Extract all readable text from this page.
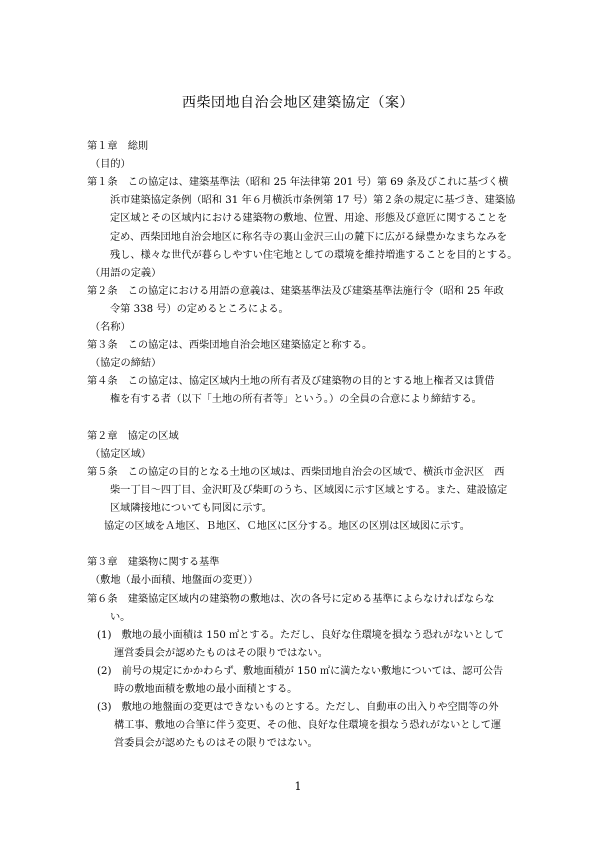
西柴団地自治会地区建築協定（案）
第１章　総則
（目的）
第１条　この協定は、建築基準法（昭和 25 年法律第 201 号）第 69 条及びこれに基づく横
浜市建築協定条例（昭和 31 年６月横浜市条例第 17 号）第２条の規定に基づき、建築協
定区域とその区域内における建築物の敷地、位置、用途、形態及び意匠に関することを
定め、西柴団地自治会地区に称名寺の裏山金沢三山の麓下に広がる緑豊かなまちなみを
残し、様々な世代が暮らしやすい住宅地としての環境を維持増進することを目的とする。
（用語の定義）
第２条　この協定における用語の意義は、建築基準法及び建築基準法施行令（昭和 25 年政
令第 338 号）の定めるところによる。
（名称）
第３条　この協定は、西柴団地自治会地区建築協定と称する。
（協定の締結）
第４条　この協定は、協定区域内土地の所有者及び建築物の目的とする地上権者又は賃借
権を有する者（以下「土地の所有者等」という。）の全員の合意により締結する。
第２章　協定の区域
（協定区域）
第５条　この協定の目的となる土地の区域は、西柴団地自治会の区域で、横浜市金沢区　西
柴一丁目～四丁目、金沢町及び柴町のうち、区域図に示す区域とする。また、建設協定
区域隣接地についても同図に示す。
協定の区域をＡ地区、Ｂ地区、Ｃ地区に区分する。地区の区別は区域図に示す。
第３章　建築物に関する基準
（敷地（最小面積、地盤面の変更））
第６条　建築協定区域内の建築物の敷地は、次の各号に定める基準によらなければならな
い。
(1)　敷地の最小面積は 150 ㎡とする。ただし、良好な住環境を損なう恐れがないとして
運営委員会が認めたものはその限りではない。
(2)　前号の規定にかかわらず、敷地面積が 150 ㎡に満たない敷地については、認可公告
時の敷地面積を敷地の最小面積とする。
(3)　敷地の地盤面の変更はできないものとする。ただし、自動車の出入りや空間等の外
構工事、敷地の合筆に伴う変更、その他、良好な住環境を損なう恐れがないとして運
営委員会が認めたものはその限りではない。
1
